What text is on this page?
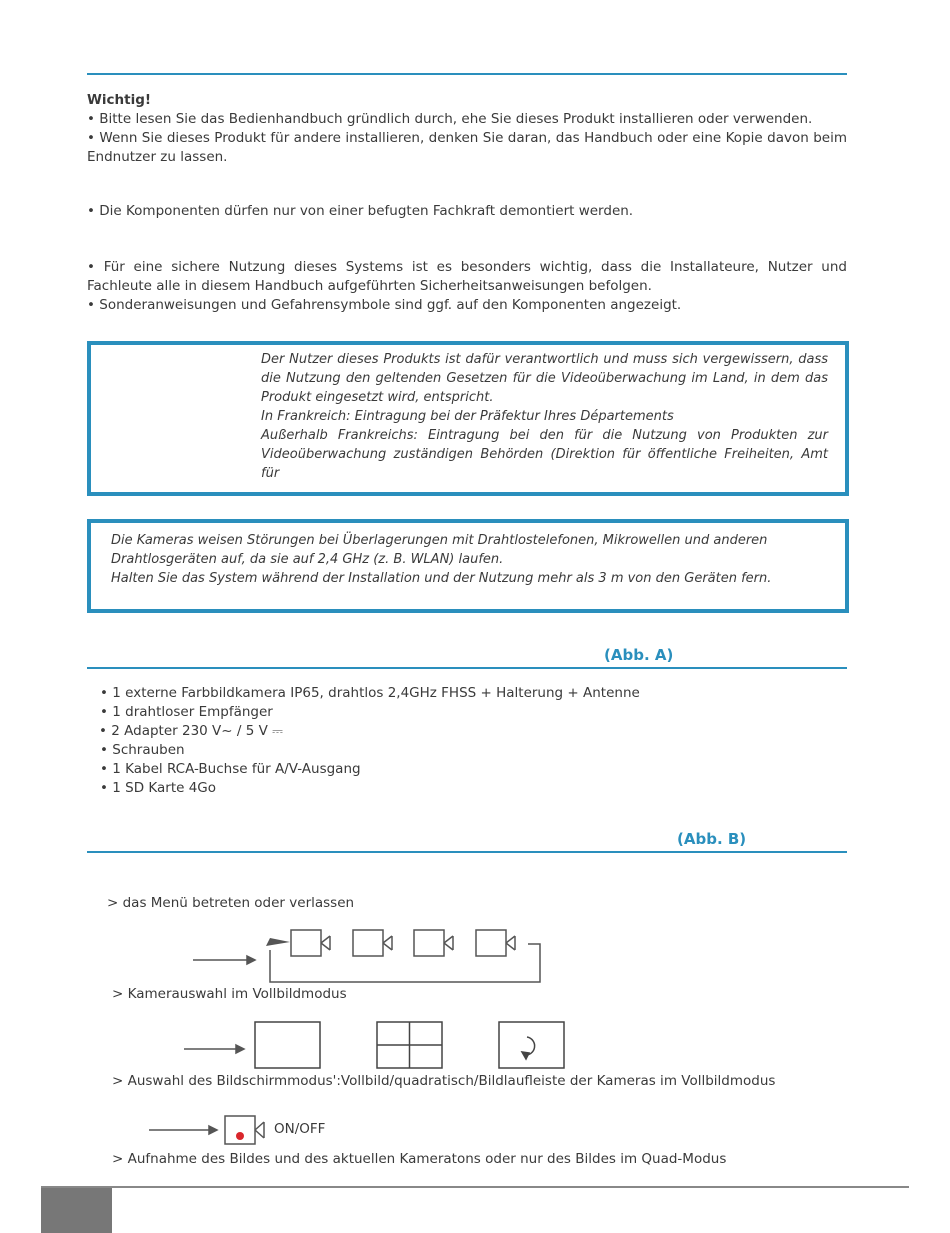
Wichtig!
• Bitte lesen Sie das Bedienhandbuch gründlich durch, ehe Sie dieses Produkt installieren oder verwenden.
• Wenn Sie dieses Produkt für andere installieren, denken Sie daran, das Handbuch oder eine Kopie davon beim Endnutzer zu lassen.
• Die Komponenten dürfen nur von einer befugten Fachkraft demontiert werden.
• Für eine sichere Nutzung dieses Systems ist es besonders wichtig, dass die Installateure, Nutzer und Fachleute alle in diesem Handbuch aufgeführten Sicherheitsanweisungen befolgen.
• Sonderanweisungen und Gefahrensymbole sind ggf. auf den Komponenten angezeigt.
Der Nutzer dieses Produkts ist dafür verantwortlich und muss sich vergewissern, dass die Nutzung den geltenden Gesetzen für die Videoüberwachung im Land, in dem das Produkt eingesetzt wird, entspricht.
In Frankreich: Eintragung bei der Präfektur Ihres Départements
Außerhalb Frankreichs: Eintragung bei den für die Nutzung von Produkten zur Videoüberwachung zuständigen Behörden (Direktion für öffentliche Freiheiten, Amt für
Die Kameras weisen Störungen bei Überlagerungen mit Drahtlostelefonen, Mikrowellen und anderen Drahtlosgeräten auf, da sie auf 2,4 GHz (z. B. WLAN) laufen.
Halten Sie das System während der Installation und der Nutzung mehr als 3 m von den Geräten fern.
(Abb. A)
• 1 externe Farbbildkamera IP65, drahtlos 2,4GHz FHSS + Halterung + Antenne
• 1 drahtloser Empfänger
• 2 Adapter 230 V~ / 5 V ⎓
• Schrauben
• 1 Kabel RCA-Buchse für A/V-Ausgang
• 1 SD Karte 4Go
(Abb. B)
> das Menü betreten oder verlassen
> Kamerauswahl im Vollbildmodus
> Auswahl des Bildschirmmodus':Vollbild/quadratisch/Bildlaufleiste der Kameras im Vollbildmodus
ON/OFF
> Aufnahme des Bildes und des aktuellen Kameratons oder nur des Bildes im Quad-Modus
